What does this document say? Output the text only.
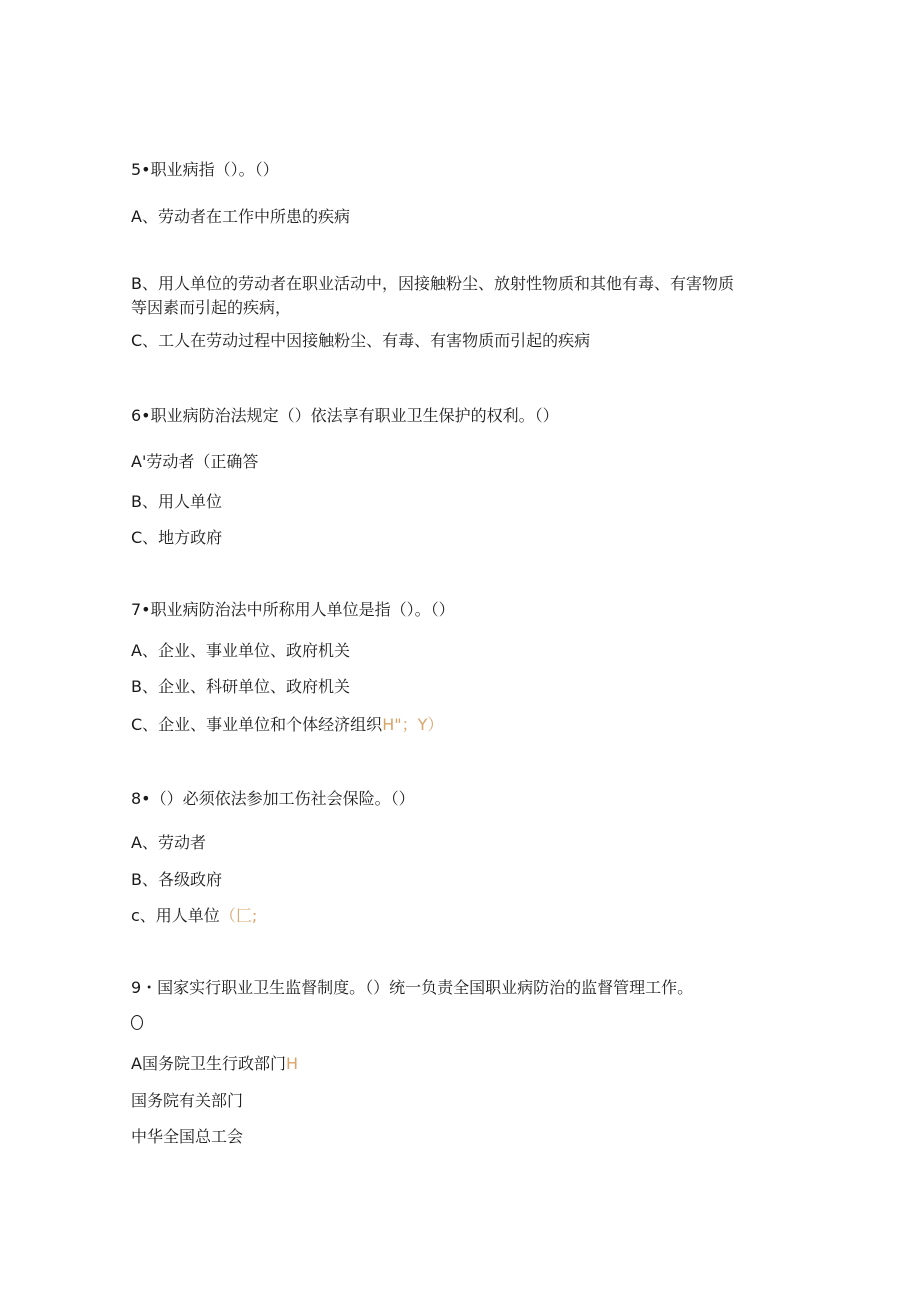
5•职业病指（）。（）
A、劳动者在工作中所患的疾病
B、用人单位的劳动者在职业活动中，因接触粉尘、放射性物质和其他有毒、有害物质
等因素而引起的疾病，
C、工人在劳动过程中因接触粉尘、有毒、有害物质而引起的疾病
6•职业病防治法规定（）依法享有职业卫生保护的权利。（）
A'劳动者（正确答
B、用人单位
C、地方政府
7•职业病防治法中所称用人单位是指（）。（）
A、企业、事业单位、政府机关
B、企业、科研单位、政府机关
C、企业、事业单位和个体经济组织H"；Y）
8•（）必须依法参加工伤社会保险。（）
A、劳动者
B、各级政府
c、用人单位（匚;
9・国家实行职业卫生监督制度。（）统一负责全国职业病防治的监督管理工作。
A国务院卫生行政部门H
国务院有关部门
中华全国总工会
